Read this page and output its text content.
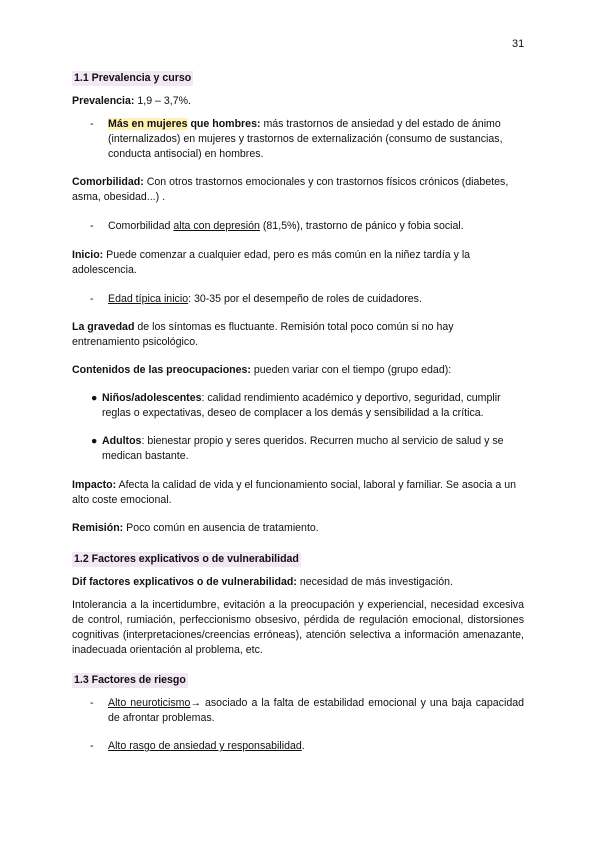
31
1.1 Prevalencia y curso
Prevalencia: 1,9 – 3,7%.
- Más en mujeres que hombres: más trastornos de ansiedad y del estado de ánimo (internalizados) en mujeres y trastornos de externalización (consumo de sustancias, conducta antisocial) en hombres.
Comorbilidad: Con otros trastornos emocionales y con trastornos físicos crónicos (diabetes, asma, obesidad...) .
- Comorbilidad alta con depresión (81,5%), trastorno de pánico y fobia social.
Inicio: Puede comenzar a cualquier edad, pero es más común en la niñez tardía y la adolescencia.
- Edad típica inicio: 30-35 por el desempeño de roles de cuidadores.
La gravedad de los síntomas es fluctuante. Remisión total poco común si no hay entrenamiento psicológico.
Contenidos de las preocupaciones: pueden variar con el tiempo (grupo edad):
● Niños/adolescentes: calidad rendimiento académico y deportivo, seguridad, cumplir reglas o expectativas, deseo de complacer a los demás y sensibilidad a la crítica.
● Adultos: bienestar propio y seres queridos. Recurren mucho al servicio de salud y se medican bastante.
Impacto: Afecta la calidad de vida y el funcionamiento social, laboral y familiar. Se asocia a un alto coste emocional.
Remisión: Poco común en ausencia de tratamiento.
1.2 Factores explicativos o de vulnerabilidad
Dif factores explicativos o de vulnerabilidad: necesidad de más investigación.
Intolerancia a la incertidumbre, evitación a la preocupación y experiencial, necesidad excesiva de control, rumiación, perfeccionismo obsesivo, pérdida de regulación emocional, distorsiones cognitivas (interpretaciones/creencias erróneas), atención selectiva a información amenazante, inadecuada orientación al problema, etc.
1.3 Factores de riesgo
- Alto neuroticismo→ asociado a la falta de estabilidad emocional y una baja capacidad de afrontar problemas.
- Alto rasgo de ansiedad y responsabilidad.
